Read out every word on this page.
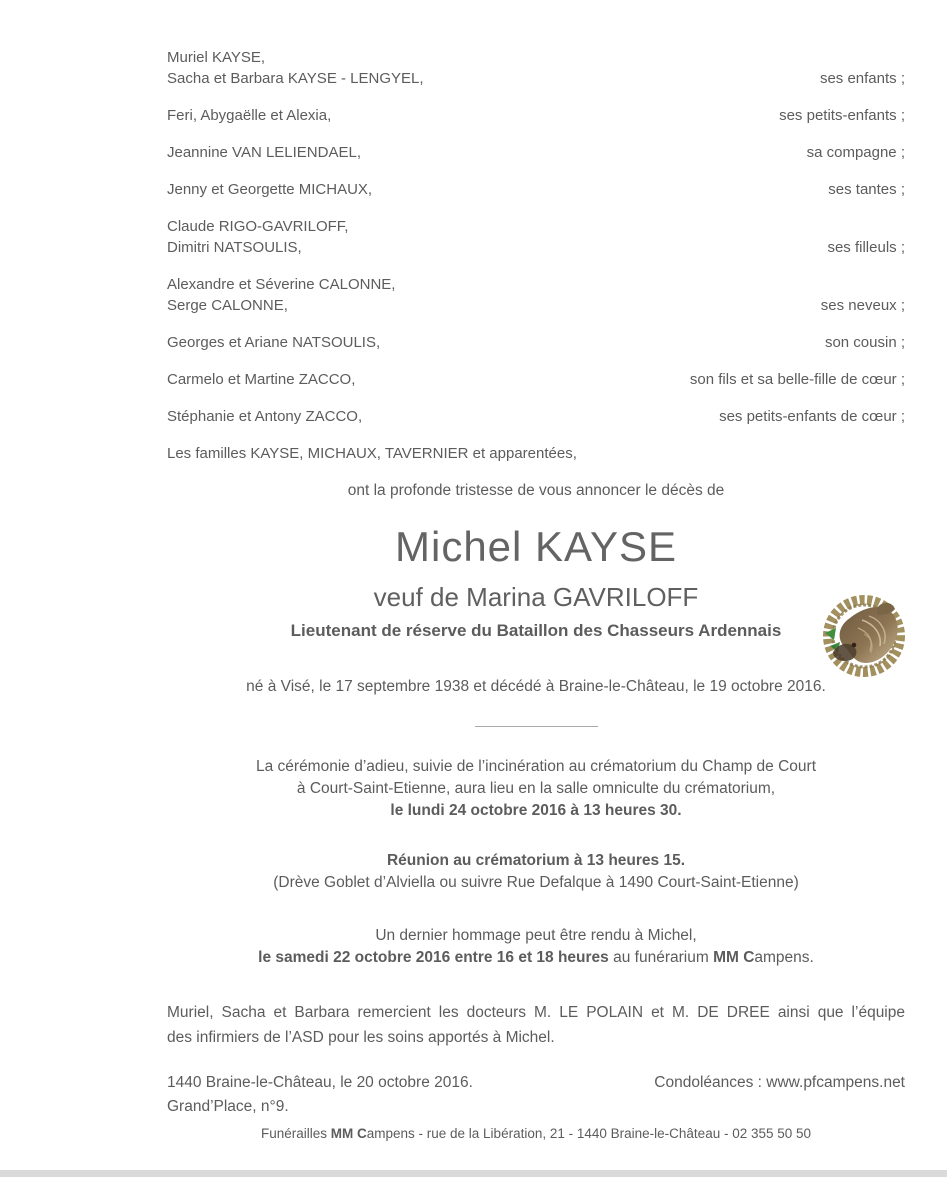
Muriel KAYSE,
Sacha et Barbara KAYSE - LENGYEL,	ses enfants ;
Feri, Abygaëlle et Alexia,	ses petits-enfants ;
Jeannine VAN LELIENDAEL,	sa compagne ;
Jenny et Georgette MICHAUX,	ses tantes ;
Claude RIGO-GAVRILOFF,
Dimitri NATSOULIS,	ses filleuls ;
Alexandre et Séverine CALONNE,
Serge CALONNE,	ses neveux ;
Georges et Ariane NATSOULIS,	son cousin ;
Carmelo et Martine ZACCO,	son fils et sa belle-fille de cœur ;
Stéphanie et Antony ZACCO,	ses petits-enfants de cœur ;
Les familles KAYSE, MICHAUX, TAVERNIER et apparentées,
ont la profonde tristesse de vous annoncer le décès de
Michel KAYSE
veuf de Marina GAVRILOFF
Lieutenant de réserve du Bataillon des Chasseurs Ardennais
né à Visé, le 17 septembre 1938 et décédé à Braine-le-Château, le 19 octobre 2016.
La cérémonie d’adieu, suivie de l’incinération au crématorium du Champ de Court
à Court-Saint-Etienne, aura lieu en la salle omniculte du crématorium,
le lundi 24 octobre 2016 à 13 heures 30.
Réunion au crématorium à 13 heures 15.
(Drève Goblet d’Alviella ou suivre Rue Defalque à 1490 Court-Saint-Etienne)
Un dernier hommage peut être rendu à Michel,
le samedi 22 octobre 2016 entre 16 et 18 heures au funérarium MM Campens.
Muriel, Sacha et Barbara remercient les docteurs M. LE POLAIN et M. DE DREE ainsi que l’équipe
des infirmiers de l’ASD pour les soins apportés à Michel.
1440 Braine-le-Château, le 20 octobre 2016.	Condoléances : www.pfcampens.net
Grand’Place, n°9.
Funérailles MM Campens - rue de la Libération, 21 - 1440 Braine-le-Château - 02 355 50 50
